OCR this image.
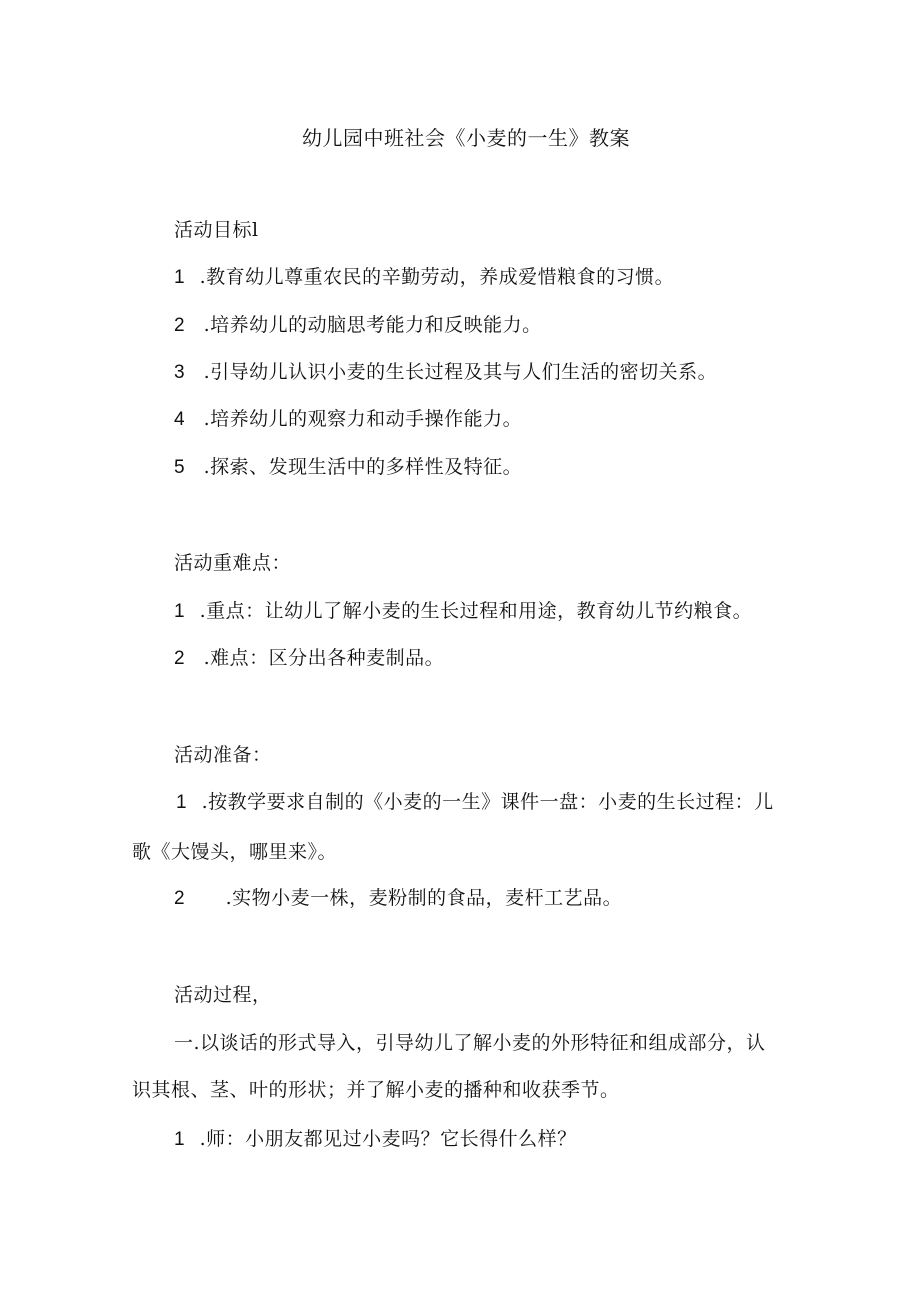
幼儿园中班社会《小麦的一生》教案
活动目标l
1 .教育幼儿尊重农民的辛勤劳动，养成爱惜粮食的习惯。
2 .培养幼儿的动脑思考能力和反映能力。
3 .引导幼儿认识小麦的生长过程及其与人们生活的密切关系。
4 .培养幼儿的观察力和动手操作能力。
5 .探索、发现生活中的多样性及特征。
活动重难点：
1 .重点：让幼儿了解小麦的生长过程和用途，教育幼儿节约粮食。
2 .难点：区分出各种麦制品。
活动准备：
1 .按教学要求自制的《小麦的一生》课件一盘：小麦的生长过程：儿
歌《大馒头，哪里来》。
2 .实物小麦一株，麦粉制的食品，麦杆工艺品。
活动过程，
一.以谈话的形式导入，引导幼儿了解小麦的外形特征和组成部分，认
识其根、茎、叶的形状；并了解小麦的播种和收获季节。
1 .师：小朋友都见过小麦吗？它长得什么样？
